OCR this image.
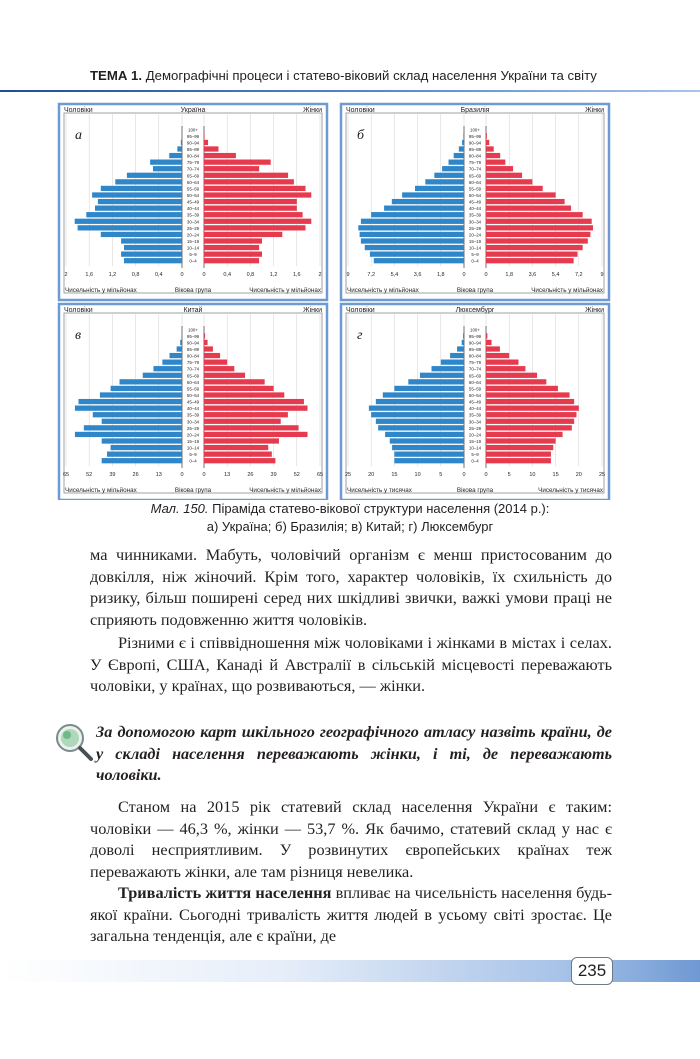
ТЕМА 1. Демографічні процеси і статево-віковий склад населення України та світу
Чоловіки	Україна	Жінки
а	100+
95–99
90–94
85–89
80–84
75–79
70–74
65–69
60–64
55–59
50–54
45–49
40–44
35–39
30–34
25–29
20–24
15–19
10–14
5–9
0–4
2	1,6	1,2	0,8	0,4	0	0	0,4	0,8	1,2	1,6	2
Чисельність у мільйонах	Вікова група	Чисельність у мільйонах
Чоловіки	Бразилія	Жінки
б	100+
95–99
90–94
85–89
80–84
75–79
70–74
65–69
60–64
55–59
50–54
45–49
40–44
35–39
30–34
25–29
20–24
15–19
10–14
5–9
0–4
9	7,2	5,4	3,6	1,8	0	0	1,8	3,6	5,4	7,2	9
Чисельність у мільйонах	Вікова група	Чисельність у мільйонах
Чоловіки	Китай	Жінки
в	100+
95–99
90–94
85–89
80–84
75–79
70–74
65–69
60–64
55–59
50–54
45–49
40–44
35–39
30–34
25–29
20–24
15–19
10–14
5–9
0–4
65	52	39	26	13	0	0	13	26	39	52	65
Чисельність у мільйонах	Вікова група	Чисельність у мільйонах
Чоловіки	Люксембург	Жінки
г	100+
95–99
90–94
85–89
80–84
75–79
70–74
65–69
60–64
55–59
50–54
45–49
40–44
35–39
30–34
25–29
20–24
15–19
10–14
5–9
0–4
25	20	15	10	5	0	0	5	10	15	20	25
Чисельність у тисячах	Вікова група	Чисельність у тисячах
Мал. 150. Піраміда статево-вікової структури населення (2014 р.):
а) Україна; б) Бразилія; в) Китай; г) Люксембург

ма чинниками. Мабуть, чоловічий організм є менш пристосованим до довкілля, ніж жіночий. Крім того, характер чоловіків, їх схильність до ризику, більш поширені серед них шкідливі звички, важкі умови праці не сприяють подовженню життя чоловіків.

Різними є і співвідношення між чоловіками і жінками в містах і селах. У Європі, США, Канаді й Австралії в сільській місцевості переважають чоловіки, у країнах, що розвиваються, — жінки.

За допомогою карт шкільного географічного атласу назвіть країни, де у складі населення переважають жінки, і ті, де переважають чоловіки.

Станом на 2015 рік статевий склад населення України є таким: чоловіки — 46,3 %, жінки — 53,7 %. Як бачимо, статевий склад у нас є доволі несприятливим. У розвинутих європейських країнах теж переважають жінки, але там різниця невелика.

Тривалість життя населення впливає на чисельність населення будь-якої країни. Сьогодні тривалість життя людей в усьому світі зростає. Це загальна тенденція, але є країни, де

235
